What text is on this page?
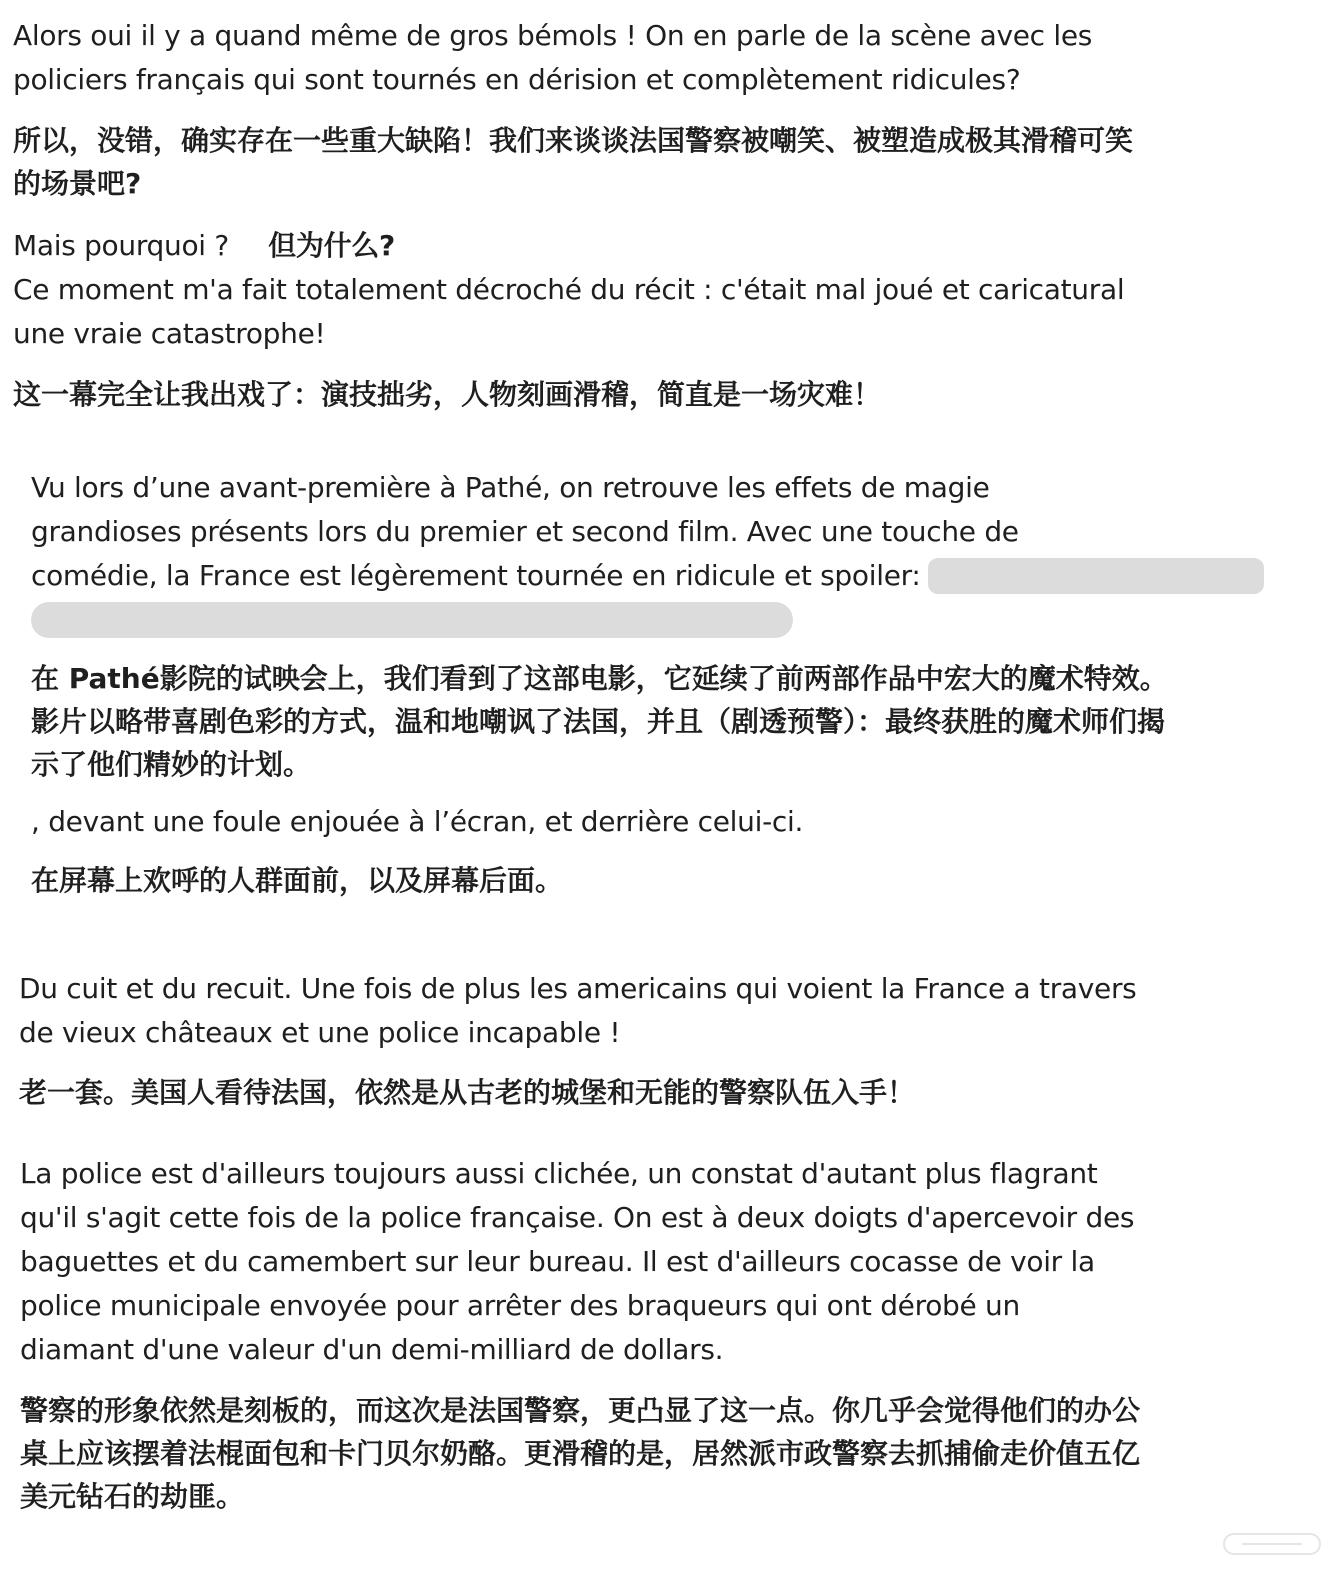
Alors oui il y a quand même de gros bémols ! On en parle de la scène avec les
policiers français qui sont tournés en dérision et complètement ridicules?

所以，没错，确实存在一些重大缺陷！我们来谈谈法国警察被嘲笑、被塑造成极其滑稽可笑
的场景吧?

Mais pourquoi ? 但为什么?
Ce moment m'a fait totalement décroché du récit : c'était mal joué et caricatural
une vraie catastrophe!

这一幕完全让我出戏了：演技拙劣，人物刻画滑稽，简直是一场灾难！

Vu lors d’une avant-première à Pathé, on retrouve les effets de magie
grandioses présents lors du premier et second film. Avec une touche de
comédie, la France est légèrement tournée en ridicule et spoiler:

在 Pathé影院的试映会上，我们看到了这部电影，它延续了前两部作品中宏大的魔术特效。
影片以略带喜剧色彩的方式，温和地嘲讽了法国，并且（剧透预警）：最终获胜的魔术师们揭
示了他们精妙的计划。

, devant une foule enjouée à l’écran, et derrière celui-ci.

在屏幕上欢呼的人群面前，以及屏幕后面。

Du cuit et du recuit. Une fois de plus les americains qui voient la France a travers
de vieux châteaux et une police incapable !

老一套。美国人看待法国，依然是从古老的城堡和无能的警察队伍入手！

La police est d'ailleurs toujours aussi clichée, un constat d'autant plus flagrant
qu'il s'agit cette fois de la police française. On est à deux doigts d'apercevoir des
baguettes et du camembert sur leur bureau. Il est d'ailleurs cocasse de voir la
police municipale envoyée pour arrêter des braqueurs qui ont dérobé un
diamant d'une valeur d'un demi-milliard de dollars.

警察的形象依然是刻板的，而这次是法国警察，更凸显了这一点。你几乎会觉得他们的办公
桌上应该摆着法棍面包和卡门贝尔奶酪。更滑稽的是，居然派市政警察去抓捕偷走价值五亿
美元钻石的劫匪。
